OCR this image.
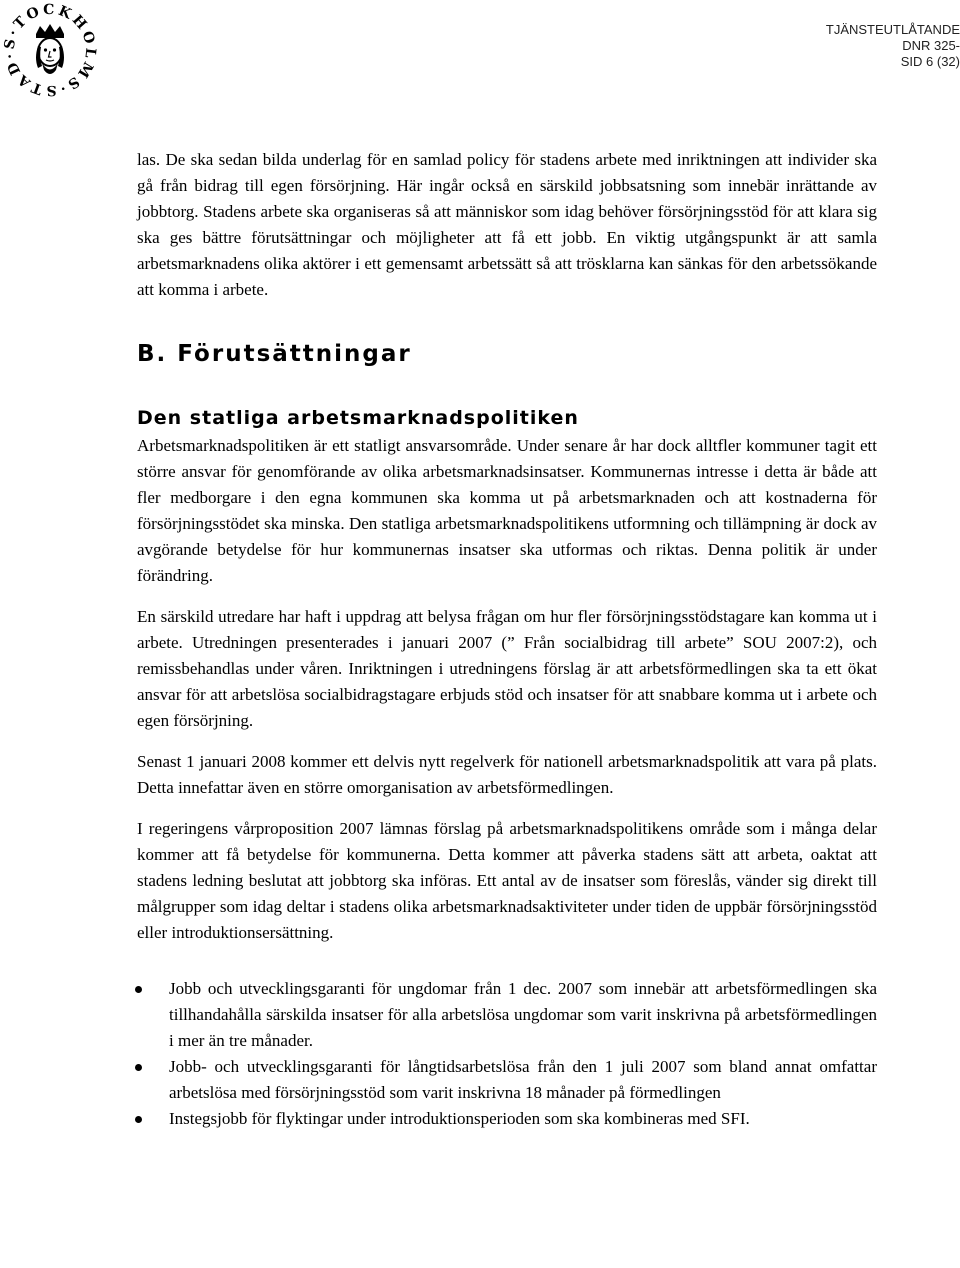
S·TOCKHOLMS·STAD·
TJÄNSTEUTLÅTANDE
DNR 325-
SID 6 (32)

las. De ska sedan bilda underlag för en samlad policy för stadens arbete med inriktningen att individer ska gå från bidrag till egen försörjning. Här ingår också en särskild jobbsatsning som innebär inrättande av jobbtorg. Stadens arbete ska organiseras så att människor som idag behöver försörjningsstöd för att klara sig ska ges bättre förutsättningar och möjligheter att få ett jobb. En viktig utgångspunkt är att samla arbetsmarknadens olika aktörer i ett gemensamt arbetssätt så att trösklarna kan sänkas för den arbetssökande att komma i arbete.

B. Förutsättningar
Den statliga arbetsmarknadspolitiken

Arbetsmarknadspolitiken är ett statligt ansvarsområde. Under senare år har dock alltfler kommuner tagit ett större ansvar för genomförande av olika arbetsmarknadsinsatser. Kommunernas intresse i detta är både att fler medborgare i den egna kommunen ska komma ut på arbetsmarknaden och att kostnaderna för försörjningsstödet ska minska. Den statliga arbetsmarknadspolitikens utformning och tillämpning är dock av avgörande betydelse för hur kommunernas insatser ska utformas och riktas. Denna politik är under förändring.

En särskild utredare har haft i uppdrag att belysa frågan om hur fler försörjningsstödstagare kan komma ut i arbete. Utredningen presenterades i januari 2007 (” Från socialbidrag till arbete” SOU 2007:2), och remissbehandlas under våren. Inriktningen i utredningens förslag är att arbetsförmedlingen ska ta ett ökat ansvar för att arbetslösa socialbidragstagare erbjuds stöd och insatser för att snabbare komma ut i arbete och egen försörjning.

Senast 1 januari 2008 kommer ett delvis nytt regelverk för nationell arbetsmarknadspolitik att vara på plats. Detta innefattar även en större omorganisation av arbetsförmedlingen.

I regeringens vårproposition 2007 lämnas förslag på arbetsmarknadspolitikens område som i många delar kommer att få betydelse för kommunerna. Detta kommer att påverka stadens sätt att arbeta, oaktat att stadens ledning beslutat att jobbtorg ska införas. Ett antal av de insatser som föreslås, vänder sig direkt till målgrupper som idag deltar i stadens olika arbetsmarknadsaktiviteter under tiden de uppbär försörjningsstöd eller introduktionsersättning.

Jobb och utvecklingsgaranti för ungdomar från 1 dec. 2007 som innebär att arbetsförmedlingen ska tillhandahålla särskilda insatser för alla arbetslösa ungdomar som varit inskrivna på arbetsförmedlingen i mer än tre månader.
Jobb- och utvecklingsgaranti för långtidsarbetslösa från den 1 juli 2007 som bland annat omfattar arbetslösa med försörjningsstöd som varit inskrivna 18 månader på förmedlingen
Instegsjobb för flyktingar under introduktionsperioden som ska kombineras med SFI.
